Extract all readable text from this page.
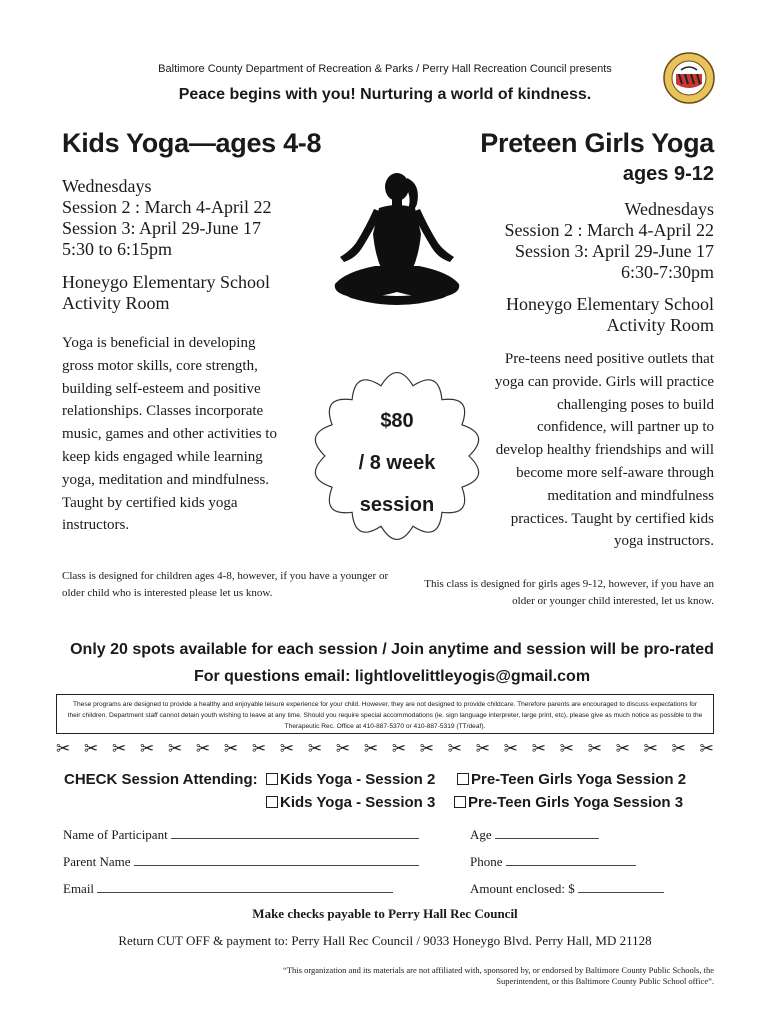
Baltimore County Department of Recreation & Parks / Perry Hall Recreation Council presents
Peace begins with you! Nurturing a world of kindness.
Kids Yoga—ages 4-8
Wednesdays
Session 2 : March 4-April 22
Session 3: April 29-June 17
5:30 to 6:15pm
Honeygo Elementary School
Activity Room
Yoga is beneficial in developing gross motor skills, core strength, building self-esteem and positive relationships. Classes incorporate music, games and other activities to keep kids engaged while learning yoga, meditation and mindfulness. Taught by certified kids yoga instructors.
Class is designed for children ages 4-8, however, if you have a younger or older child who is interested please let us know.
$80
/ 8 week
session
Preteen Girls Yoga
ages 9-12
Wednesdays
Session 2 : March 4-April 22
Session 3: April 29-June 17
6:30-7:30pm
Honeygo Elementary School
Activity Room
Pre-teens need positive outlets that yoga can provide. Girls will practice challenging poses to build confidence, will partner up to develop healthy friendships and will become more self-aware through meditation and mindfulness practices. Taught by certified kids yoga instructors.
This class is designed for girls ages 9-12, however, if you have an older or younger child interested, let us know.
Only 20 spots available for each session / Join anytime and session will be pro-rated
For questions email: lightlovelittleyogis@gmail.com
These programs are designed to provide a healthy and enjoyable leisure experience for your child. However, they are not designed to provide childcare. Therefore parents are encouraged to discuss expectations for their children. Department staff cannot detain youth wishing to leave at any time. Should you require special accommodations (ie. sign language interpreter, large print, etc), please give as much notice as possible to the Therapeutic Rec. Office at 410-887-5370 or 410-887-5319 (TT/deaf).
✂ ✂ ✂ ✂ ✂ ✂ ✂ ✂ ✂ ✂ ✂ ✂ ✂ ✂ ✂ ✂ ✂ ✂ ✂ ✂ ✂ ✂ ✂ ✂
CHECK Session Attending:	Kids Yoga - Session 2	Pre-Teen Girls Yoga Session 2
Kids Yoga - Session 3	Pre-Teen Girls Yoga Session 3
Name of Participant	Age
Parent Name	Phone
Email	Amount enclosed: $
Make checks payable to Perry Hall Rec Council
Return CUT OFF & payment to: Perry Hall Rec Council / 9033 Honeygo Blvd. Perry Hall, MD 21128
“This organization and its materials are not affiliated with, sponsored by, or endorsed by Baltimore County Public Schools, the Superintendent, or this Baltimore County Public School office”.
